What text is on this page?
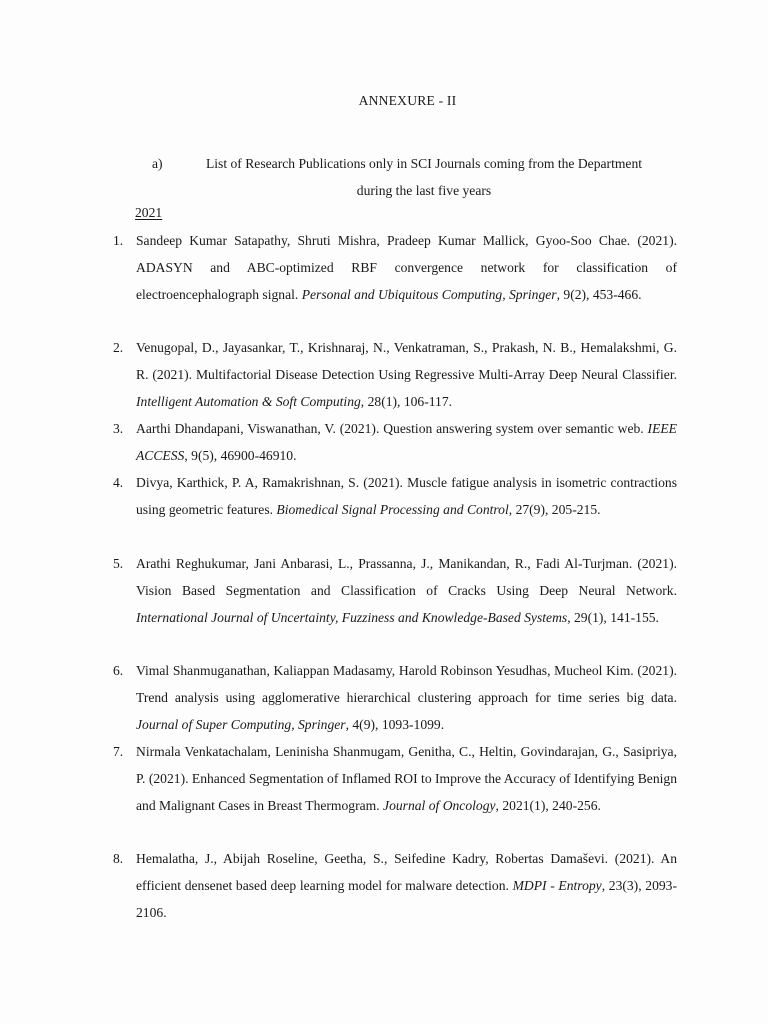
ANNEXURE - II
a)	List of Research Publications only in SCI Journals coming from the Department
during the last five years
2021
1. Sandeep Kumar Satapathy, Shruti Mishra, Pradeep Kumar Mallick, Gyoo-Soo Chae. (2021). ADASYN and ABC-optimized RBF convergence network for classification of electroencephalograph signal. Personal and Ubiquitous Computing, Springer, 9(2), 453-466.
2. Venugopal, D., Jayasankar, T., Krishnaraj, N., Venkatraman, S., Prakash, N. B., Hemalakshmi, G. R. (2021). Multifactorial Disease Detection Using Regressive Multi-Array Deep Neural Classifier. Intelligent Automation & Soft Computing, 28(1), 106-117.
3. Aarthi Dhandapani, Viswanathan, V. (2021). Question answering system over semantic web. IEEE ACCESS, 9(5), 46900-46910.
4. Divya, Karthick, P. A, Ramakrishnan, S. (2021). Muscle fatigue analysis in isometric contractions using geometric features. Biomedical Signal Processing and Control, 27(9), 205-215.
5. Arathi Reghukumar, Jani Anbarasi, L., Prassanna, J., Manikandan, R., Fadi Al-Turjman. (2021). Vision Based Segmentation and Classification of Cracks Using Deep Neural Network. International Journal of Uncertainty, Fuzziness and Knowledge-Based Systems, 29(1), 141-155.
6. Vimal Shanmuganathan, Kaliappan Madasamy, Harold Robinson Yesudhas, Mucheol Kim. (2021). Trend analysis using agglomerative hierarchical clustering approach for time series big data. Journal of Super Computing, Springer, 4(9), 1093-1099.
7. Nirmala Venkatachalam, Leninisha Shanmugam, Genitha, C., Heltin, Govindarajan, G., Sasipriya, P. (2021). Enhanced Segmentation of Inflamed ROI to Improve the Accuracy of Identifying Benign and Malignant Cases in Breast Thermogram. Journal of Oncology, 2021(1), 240-256.
8. Hemalatha, J., Abijah Roseline, Geetha, S., Seifedine Kadry, Robertas Damaševi. (2021). An efficient densenet based deep learning model for malware detection. MDPI - Entropy, 23(3), 2093-2106.
